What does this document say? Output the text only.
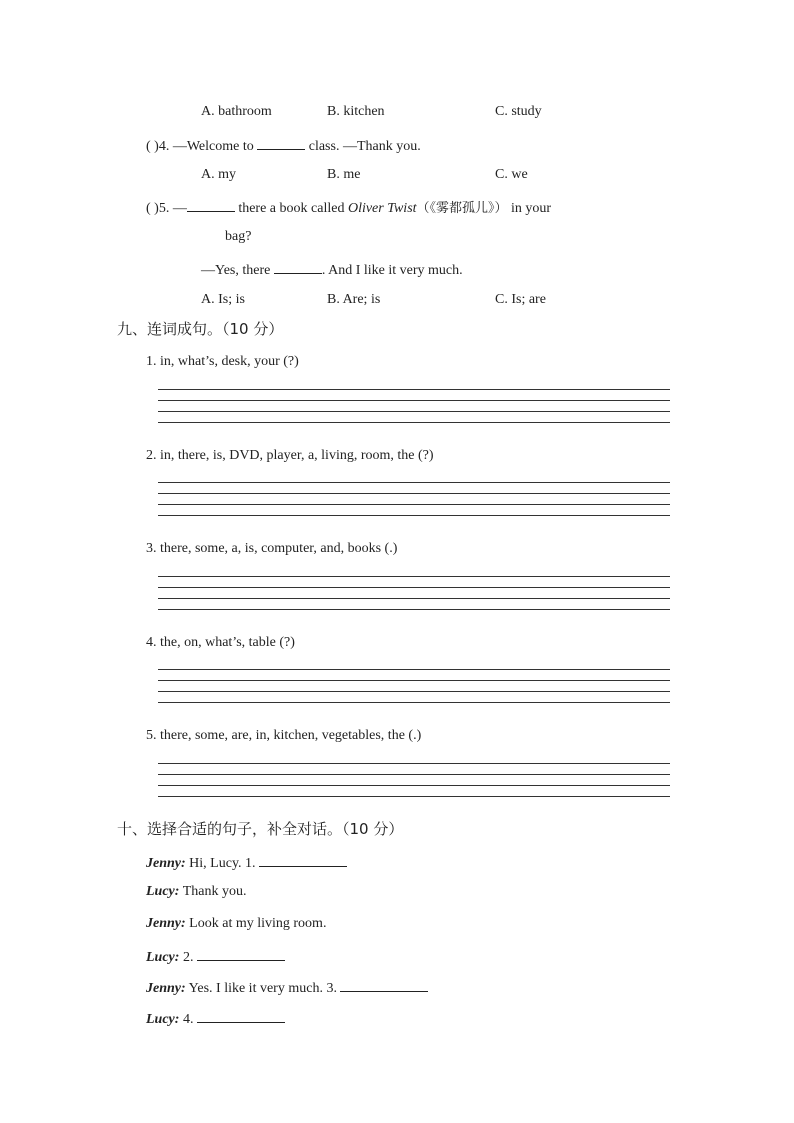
A. bathroom	B. kitchen	C. study
( )4. —Welcome to	class. —Thank you.
A. my	B. me	C. we
( )5. —	there a book called Oliver Twist（《雾都孤儿》） in your
bag?
—Yes, there	. And I like it very much.
A. Is; is	B. Are; is	C. Is; are
九、连词成句。（10 分）
1. in, what’s, desk, your (?)
2. in, there, is, DVD, player, a, living, room, the (?)
3. there, some, a, is, computer, and, books (.)
4. the, on, what’s, table (?)
5. there, some, are, in, kitchen, vegetables, the (.)
十、选择合适的句子，补全对话。（10 分）
Jenny: Hi, Lucy. 1.
Lucy: Thank you.
Jenny: Look at my living room.
Lucy: 2.
Jenny: Yes. I like it very much. 3.
Lucy: 4.
